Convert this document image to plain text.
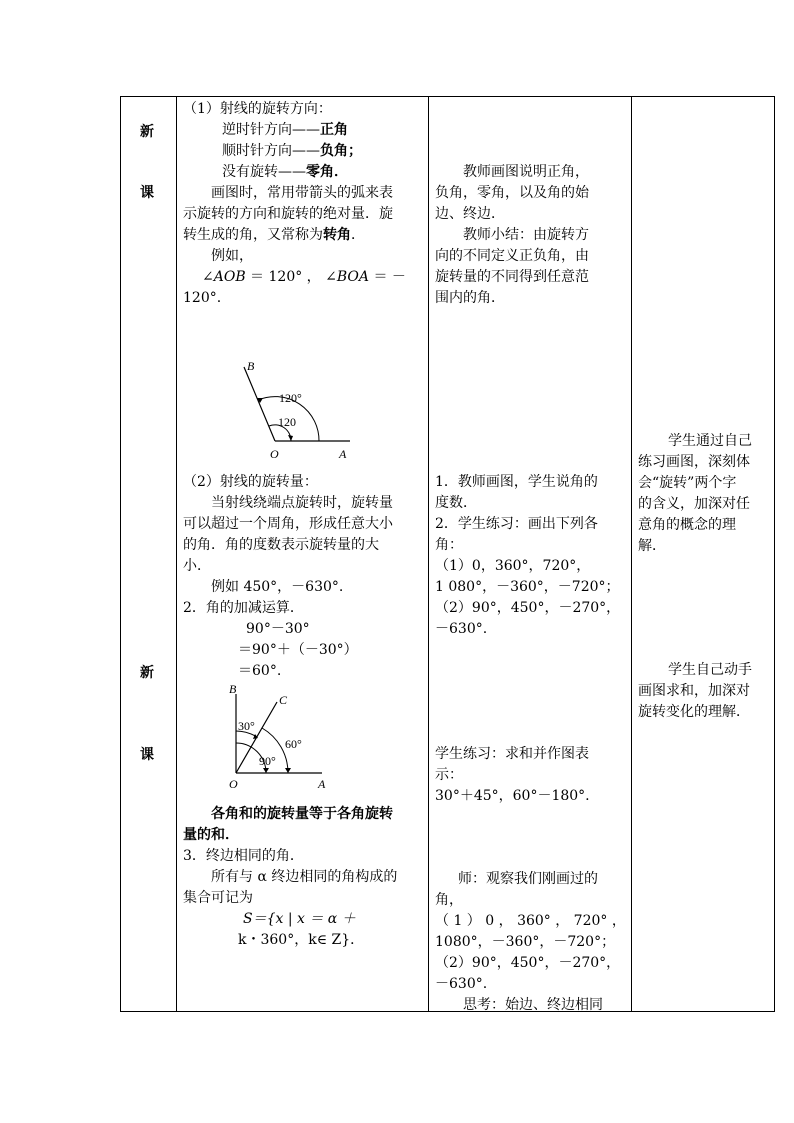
新
课
新
课
（1）射线的旋转方向：
逆时针方向——正角
顺时针方向——负角；
没有旋转——零角．
画图时，常用带箭头的弧来表
示旋转的方向和旋转的绝对量．旋
转生成的角，又常称为转角．
例如，
∠AOB ＝ 120° ， ∠BOA ＝ －
120°.
B
O	A
120°
120
（2）射线的旋转量：
当射线绕端点旋转时，旋转量
可以超过一个周角，形成任意大小
的角．角的度数表示旋转量的大
小．
例如 450°，－630°.
2．角的加减运算．
90°－30°
＝90°＋（－30°）
＝60°.
B
C
O	A
30°
60°
90°
各角和的旋转量等于各角旋转
量的和．
3．终边相同的角．
所有与 α 终边相同的角构成的
集合可记为
S＝{x | x ＝ α ＋
k・360°，k∈ Z}．
教师画图说明正角，
负角，零角，以及角的始
边、终边．
教师小结：由旋转方
向的不同定义正负角，由
旋转量的不同得到任意范
围内的角．
1．教师画图，学生说角的
度数．
2．学生练习：画出下列各
角：
（1）0，360°，720°，
1 080°，－360°，－720°；
（2）90°，450°，－270°，
－630°.
学生练习：求和并作图表
示：
30°＋45°，60°－180°.
师：观察我们刚画过的
角，
（ 1 ） 0 ， 360° ， 720° ，
1080°，－360°，－720°；
（2）90°，450°，－270°，
－630°.
思考：始边、终边相同
学生通过自己
练习画图，深刻体
会“旋转”两个字
的含义，加深对任
意角的概念的理
解．
学生自己动手
画图求和，加深对
旋转变化的理解．
